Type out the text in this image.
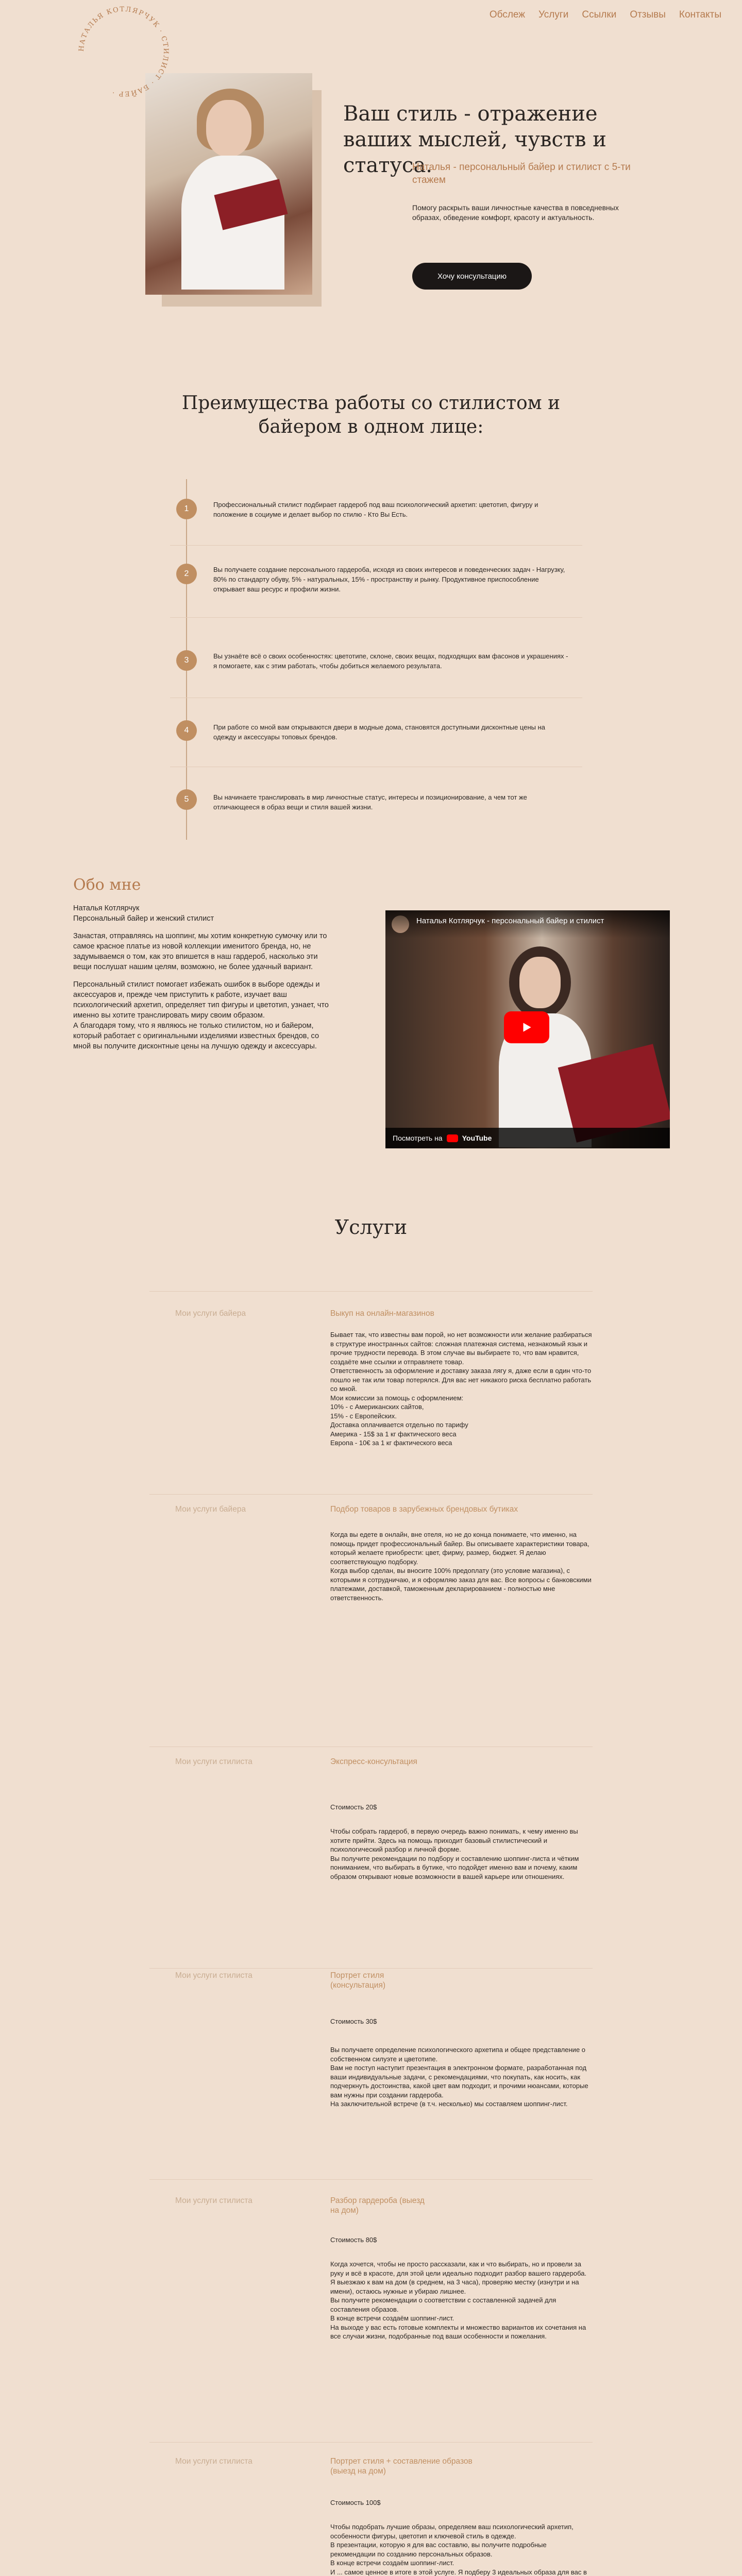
Обслеж Услуги Ссылки Отзывы Контакты
НАТАЛЬЯ КОТЛЯРЧУК · СТИЛИСТ · БАЙЕР ·
Ваш стиль - отражение ваших мыслей, чувств и статуса.
Наталья - персональный байер и стилист с 5-ти стажем
Помогу раскрыть ваши личностные качества в повседневных образах, обведение комфорт, красоту и актуальность.
Хочу консультацию
Преимущества работы со стилистом и байером в одном лице:
1	Профессиональный стилист подбирает гардероб под ваш психологический архетип: цветотип, фигуру и положение в социуме и делает выбор по стилю - Кто Вы Есть.
2	Вы получаете создание персонального гардероба, исходя из своих интересов и поведенческих задач - Нагрузку, 80% по стандарту обуву, 5% - натуральных, 15% - пространству и рынку. Продуктивное приспособление открывает ваш ресурс и профили жизни.
3	Вы узнаёте всё о своих особенностях: цветотипе, склоне, своих вещах, подходящих вам фасонов и украшениях - я помогаете, как с этим работать, чтобы добиться желаемого результата.
4	При работе со мной вам открываются двери в модные дома, становятся доступными дисконтные цены на одежду и аксессуары топовых брендов.
5	Вы начинаете транслировать в мир личностные статус, интересы и позиционирование, а чем тот же отличающееся в образ вещи и стиля вашей жизни.
Обо мне
Наталья Котлярчук
Персональный байер и женский стилист
Занастая, отправляясь на шоппинг, мы хотим конкретную сумочку или то самое красное платье из новой коллекции именитого бренда, но, не задумываемся о том, как это впишется в наш гардероб, насколько эти вещи послушат нашим целям, возможно, не более удачный вариант.
Персональный стилист помогает избежать ошибок в выборе одежды и аксессуаров и, прежде чем приступить к работе, изучает ваш психологический архетип, определяет тип фигуры и цветотип, узнает, что именно вы хотите транслировать миру своим образом.
А благодаря тому, что я являюсь не только стилистом, но и байером, который работает с оригинальными изделиями известных брендов, со мной вы получите дисконтные цены на лучшую одежду и аксессуары.
Наталья Котлярчук - персональный байер и стилист
Посмотреть на	YouTube
Услуги
Мои услуги байера	Выкуп на онлайн-магазинов
Бывает так, что известны вам порой, но нет возможности или желание разбираться в структуре иностранных сайтов: сложная платежная система, незнакомый язык и прочие трудности перевода. В этом случае вы выбираете то, что вам нравится, создаёте мне ссылки и отправляете товар.
Ответственность за оформление и доставку заказа лягу я, даже если в один что-то пошло не так или товар потерялся. Для вас нет никакого риска бесплатно работать со мной.
Мои комиссии за помощь с оформлением:
10% - с Американских сайтов,
15% - с Европейских.
Доставка оплачивается отдельно по тарифу
Америка - 15$ за 1 кг фактического веса
Европа - 10€ за 1 кг фактического веса
Мои услуги байера	Подбор товаров в зарубежных брендовых бутиках
Когда вы едете в онлайн, вне отеля, но не до конца понимаете, что именно, на помощь придет профессиональный байер. Вы описываете характеристики товара, который желаете приобрести: цвет, фирму, размер, бюджет. Я делаю соответствующую подборку.
Когда выбор сделан, вы вносите 100% предоплату (это условие магазина), с которыми я сотрудничаю, и я оформляю заказ для вас. Все вопросы с банковскими платежами, доставкой, таможенным декларированием - полностью мне ответственность.
Мои услуги стилиста	Экспресс-консультация
Стоимость 20$
Чтобы собрать гардероб, в первую очередь важно понимать, к чему именно вы хотите прийти. Здесь на помощь приходит базовый стилистический и психологический разбор и личной форме.
Вы получите рекомендации по подбору и составлению шоппинг-листа и чётким пониманием, что выбирать в бутике, что подойдет именно вам и почему, каким образом открывают новые возможности в вашей карьере или отношениях.
Мои услуги стилиста	Портрет стиля (консультация)
Стоимость 30$
Вы получаете определение психологического архетипа и общее представление о собственном силуэте и цветотипе.
Вам не поступ наступит презентация в электронном формате, разработанная под ваши индивидуальные задачи, с рекомендациями, что покупать, как носить, как подчеркнуть достоинства, какой цвет вам подходит, и прочими нюансами, которые вам нужны при создании гардероба.
На заключительной встрече (в т.ч. несколько) мы составляем шоппинг-лист.
Мои услуги стилиста	Разбор гардероба (выезд на дом)
Стоимость 80$
Когда хочется, чтобы не просто рассказали, как и что выбирать, но и провели за руку и всё в красоте, для этой цели идеально подходит разбор вашего гардероба.
Я выезжаю к вам на дом (в среднем, на 3 часа), проверяю местку (изнутри и на имени), остаюсь нужные и убираю лишнее.
Вы получите рекомендации о соответствии с составленной задачей для составления образов.
В конце встречи создаём шоппинг-лист.
На выходе у вас есть готовые комплекты и множество вариантов их сочетания на все случаи жизни, подобранные под ваши особенности и пожелания.
Мои услуги стилиста	Портрет стиля + составление образов (выезд на дом)
Стоимость 100$
Чтобы подобрать лучшие образы, определяем ваш психологический архетип, особенности фигуры, цветотип и ключевой стиль в одежде.
В презентации, которую я для вас составлю, вы получите подробные рекомендации по созданию персональных образов.
В конце встречи создаём шоппинг-лист.
И ... самое ценное в итоге в этой услуге. Я подберу 3 идеальных образа для вас в
